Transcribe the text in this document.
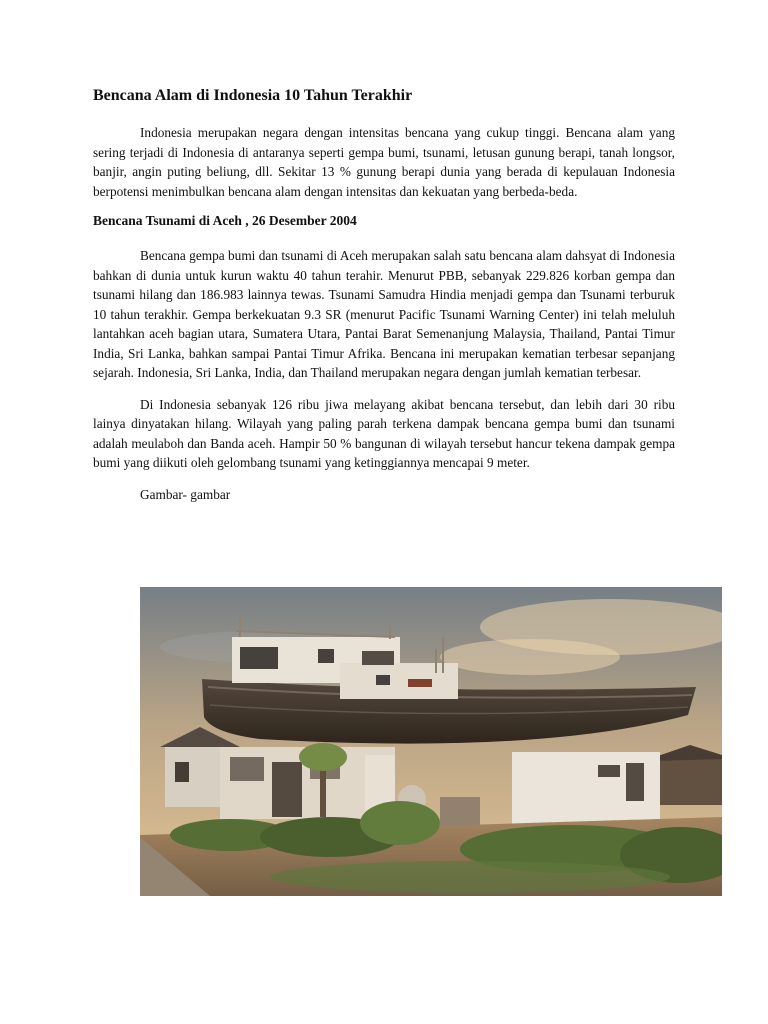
Bencana Alam di Indonesia 10 Tahun Terakhir

Indonesia merupakan negara dengan intensitas bencana yang cukup tinggi. Bencana alam yang sering terjadi di Indonesia di antaranya seperti gempa bumi, tsunami, letusan gunung berapi, tanah longsor, banjir, angin puting beliung, dll. Sekitar 13 % gunung berapi dunia yang berada di kepulauan Indonesia berpotensi menimbulkan bencana alam dengan intensitas dan kekuatan yang berbeda-beda.

Bencana Tsunami di Aceh , 26 Desember 2004

Bencana gempa bumi dan tsunami di Aceh merupakan salah satu bencana alam dahsyat di Indonesia bahkan di dunia untuk kurun waktu 40 tahun terahir. Menurut PBB, sebanyak 229.826 korban gempa dan tsunami hilang dan 186.983 lainnya tewas. Tsunami Samudra Hindia menjadi gempa dan Tsunami terburuk 10 tahun terakhir. Gempa berkekuatan 9.3 SR (menurut Pacific Tsunami Warning Center) ini telah meluluh lantahkan aceh bagian utara, Sumatera Utara, Pantai Barat Semenanjung Malaysia, Thailand, Pantai Timur India, Sri Lanka, bahkan sampai Pantai Timur Afrika. Bencana ini merupakan kematian terbesar sepanjang sejarah. Indonesia, Sri Lanka, India, dan Thailand merupakan negara dengan jumlah kematian terbesar.

Di Indonesia sebanyak 126 ribu jiwa melayang akibat bencana tersebut, dan lebih dari 30 ribu lainya dinyatakan hilang. Wilayah yang paling parah terkena dampak bencana gempa bumi dan tsunami adalah meulaboh dan Banda aceh. Hampir 50 % bangunan di wilayah tersebut hancur tekena dampak gempa bumi yang diikuti oleh gelombang tsunami yang ketinggiannya mencapai 9 meter.

Gambar- gambar
